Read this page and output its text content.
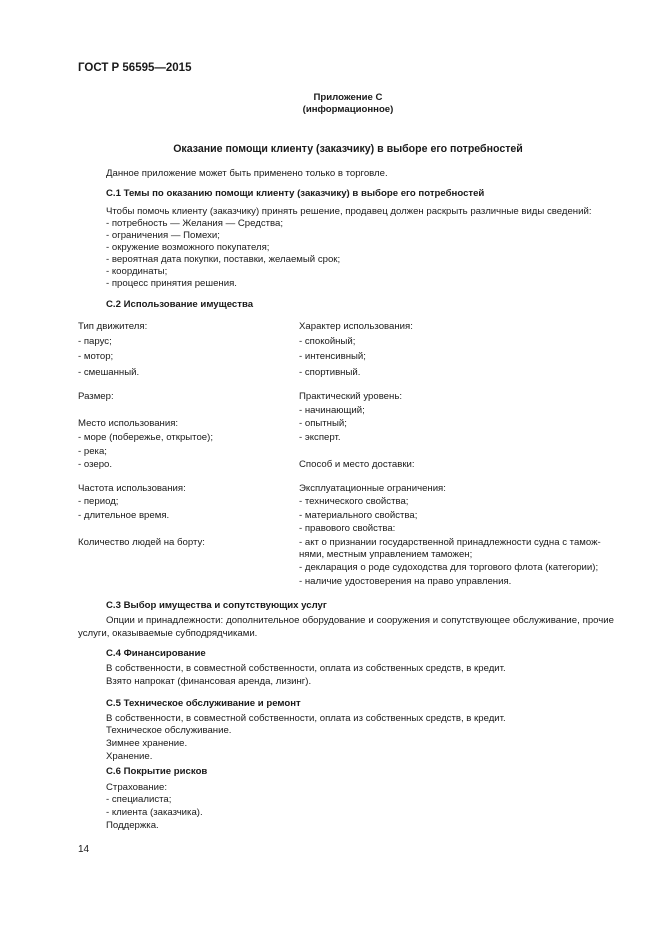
ГОСТ Р 56595—2015
Приложение С
(информационное)
Оказание помощи клиенту (заказчику) в выборе его потребностей
Данное приложение может быть применено только в торговле.
С.1 Темы по оказанию помощи клиенту (заказчику) в выборе его потребностей
Чтобы помочь клиенту (заказчику) принять решение, продавец должен раскрыть различные виды сведений:
- потребность — Желания — Средства;
- ограничения — Помехи;
- окружение возможного покупателя;
- вероятная дата покупки, поставки, желаемый срок;
- координаты;
- процесс принятия решения.
С.2 Использование имущества
Тип движителя:
- парус;
- мотор;
- смешанный.
Размер:
Место использования:
- море (побережье, открытое);
- река;
- озеро.
Частота использования:
- период;
- длительное время.
Количество людей на борту:
Характер использования:
- спокойный;
- интенсивный;
- спортивный.
Практический уровень:
- начинающий;
- опытный;
- эксперт.
Способ и место доставки:
Эксплуатационные ограничения:
- технического свойства;
- материального свойства;
- правового свойства:
- акт о признании государственной принадлежности судна с тамож-
нями, местным управлением таможен;
- декларация о роде судоходства для торгового флота (категории);
- наличие удостоверения на право управления.
С.3 Выбор имущества и сопутствующих услуг
Опции и принадлежности: дополнительное оборудование и сооружения и сопутствующее обслуживание, прочие услуги, оказываемые субподрядчиками.
С.4 Финансирование
В собственности, в совместной собственности, оплата из собственных средств, в кредит.
Взято напрокат (финансовая аренда, лизинг).
С.5 Техническое обслуживание и ремонт
В собственности, в совместной собственности, оплата из собственных средств, в кредит.
Техническое обслуживание.
Зимнее хранение.
Хранение.
С.6 Покрытие рисков
Страхование:
- специалиста;
- клиента (заказчика).
Поддержка.
14
